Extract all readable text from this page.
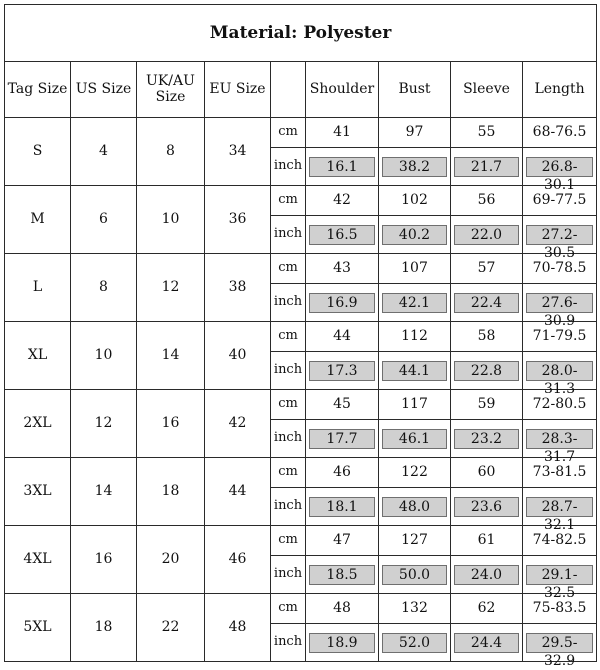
Material: Polyester								
Tag Size	US Size	UK/AU Size	EU Size		Shoulder	Bust	Sleeve	Length
S	4	8	34	cm	41	97	55	68-76.5
				inch	16.1	38.2	21.7	26.8-30.1

M	6	10	36	cm	42	102	56	69-77.5
				inch	16.5	40.2	22.0	27.2-30.5

L	8	12	38	cm	43	107	57	70-78.5
				inch	16.9	42.1	22.4	27.6-30.9

XL	10	14	40	cm	44	112	58	71-79.5
				inch	17.3	44.1	22.8	28.0-31.3

2XL	12	16	42	cm	45	117	59	72-80.5
				inch	17.7	46.1	23.2	28.3-31.7

3XL	14	18	44	cm	46	122	60	73-81.5
				inch	18.1	48.0	23.6	28.7-32.1

4XL	16	20	46	cm	47	127	61	74-82.5
				inch	18.5	50.0	24.0	29.1-32.5

5XL	18	22	48	cm	48	132	62	75-83.5
				inch	18.9	52.0	24.4	29.5-32.9
